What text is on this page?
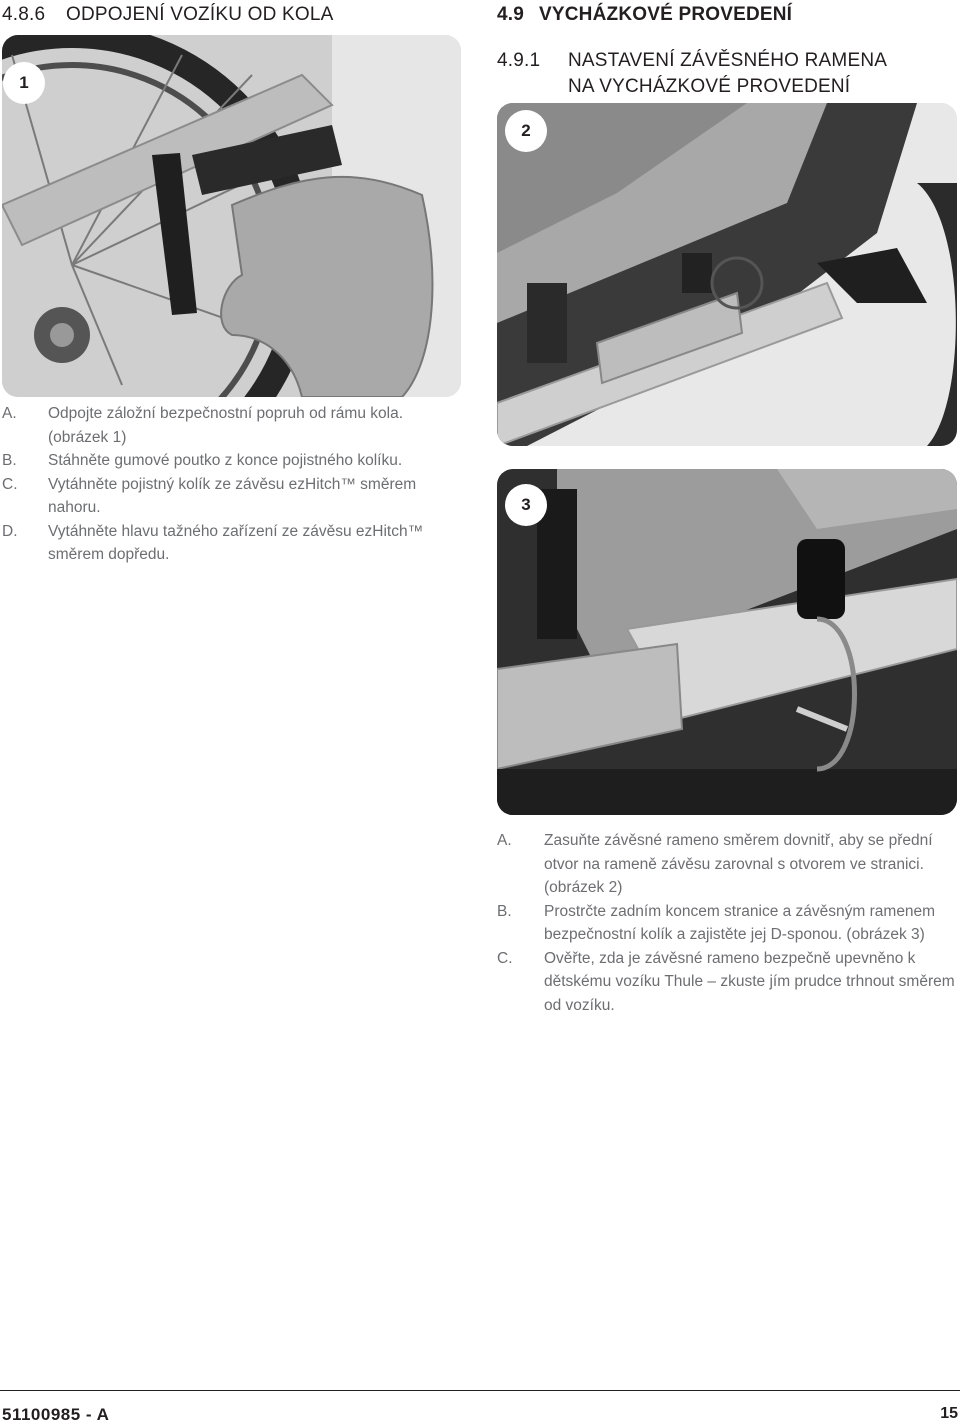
4.8.6 ODPOJENÍ VOZÍKU OD KOLA
1
A.	Odpojte záložní bezpečnostní popruh od rámu kola. (obrázek 1)
B.	Stáhněte gumové poutko z konce pojistného kolíku.
C.	Vytáhněte pojistný kolík ze závěsu ezHitch™ směrem nahoru.
D.	Vytáhněte hlavu tažného zařízení ze závěsu ezHitch™ směrem dopředu.
4.9 VYCHÁZKOVÉ PROVEDENÍ
4.9.1	NASTAVENÍ ZÁVĚSNÉHO RAMENA
NA VYCHÁZKOVÉ PROVEDENÍ
2
3
A.	Zasuňte závěsné rameno směrem dovnitř, aby se přední otvor na rameně závěsu zarovnal s otvorem ve stranici. (obrázek 2)
B.	Prostrčte zadním koncem stranice a závěsným ramenem bezpečnostní kolík a zajistěte jej D-sponou. (obrázek 3)
C.	Ověřte, zda je závěsné rameno bezpečně upevněno k dětskému vozíku Thule – zkuste jím prudce trhnout směrem od vozíku.
51100985 - A	15
